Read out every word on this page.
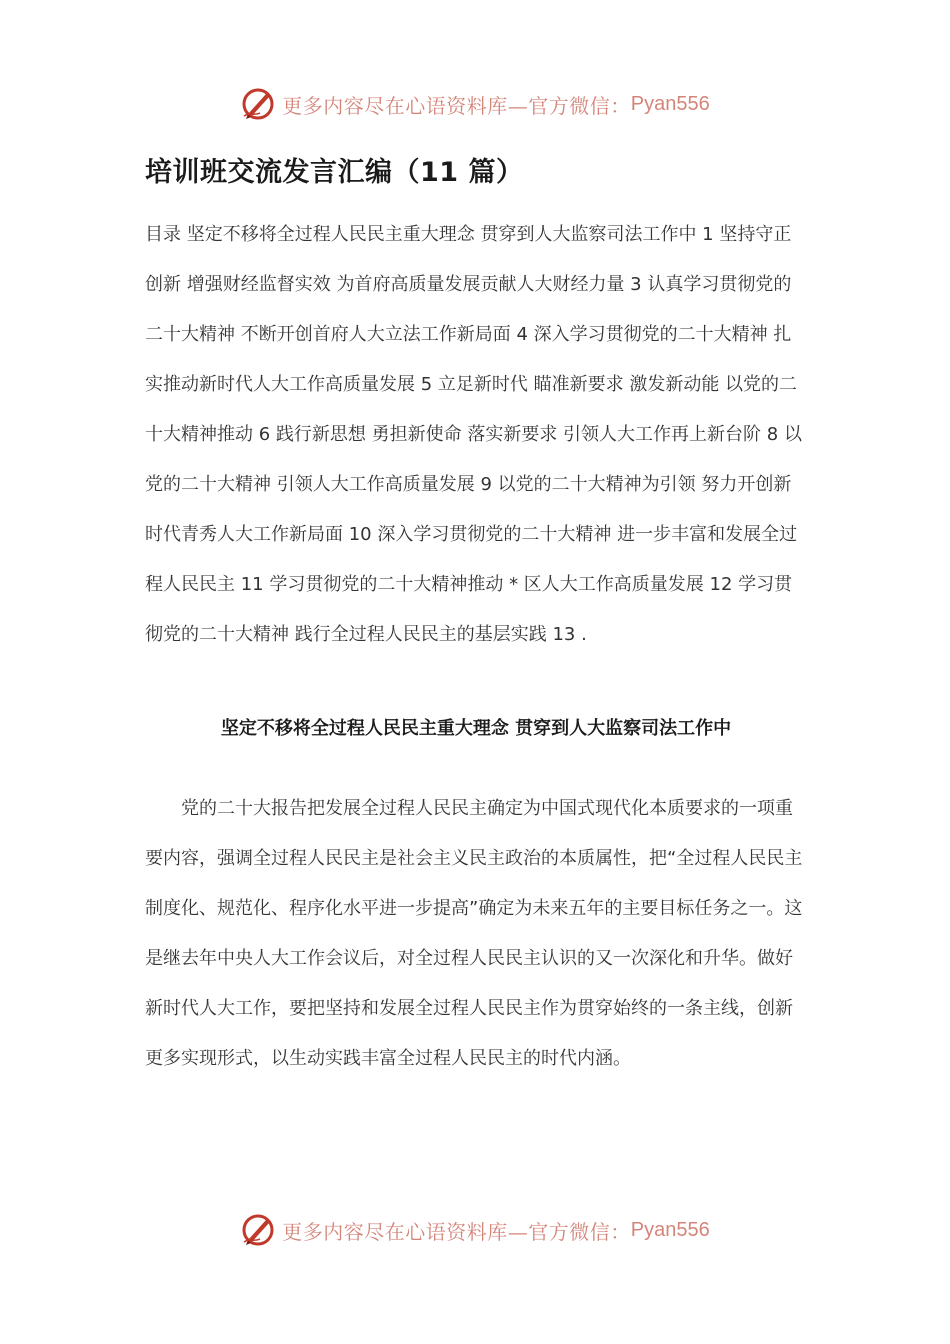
更多内容尽在心语资料库—官方微信： Pyan556
培训班交流发言汇编（11 篇）
目录 坚定不移将全过程人民民主重大理念 贯穿到人大监察司法工作中 1 坚持守正创新 增强财经监督实效 为首府高质量发展贡献人大财经力量 3 认真学习贯彻党的二十大精神 不断开创首府人大立法工作新局面 4 深入学习贯彻党的二十大精神 扎实推动新时代人大工作高质量发展 5 立足新时代 瞄准新要求 激发新动能 以党的二十大精神推动 6 践行新思想 勇担新使命 落实新要求 引领人大工作再上新台阶 8 以党的二十大精神 引领人大工作高质量发展 9 以党的二十大精神为引领 努力开创新时代青秀人大工作新局面 10 深入学习贯彻党的二十大精神 进一步丰富和发展全过程人民民主 11 学习贯彻党的二十大精神推动 * 区人大工作高质量发展 12 学习贯彻党的二十大精神 践行全过程人民民主的基层实践 13 .
坚定不移将全过程人民民主重大理念 贯穿到人大监察司法工作中
党的二十大报告把发展全过程人民民主确定为中国式现代化本质要求的一项重要内容，强调全过程人民民主是社会主义民主政治的本质属性，把“全过程人民民主制度化、规范化、程序化水平进一步提高”确定为未来五年的主要目标任务之一。这是继去年中央人大工作会议后，对全过程人民民主认识的又一次深化和升华。做好新时代人大工作，要把坚持和发展全过程人民民主作为贯穿始终的一条主线，创新更多实现形式，以生动实践丰富全过程人民民主的时代内涵。
更多内容尽在心语资料库—官方微信： Pyan556
